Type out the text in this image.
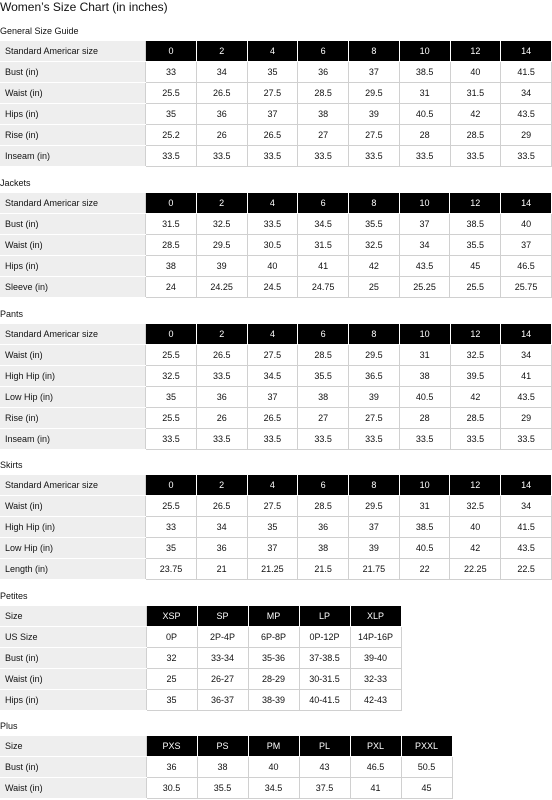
Women’s Size Chart (in inches)
General Size Guide
Standard Americar size	0	2	4	6	8	10	12	14
Bust (in)	33	34	35	36	37	38.5	40	41.5
Waist (in)	25.5	26.5	27.5	28.5	29.5	31	31.5	34
Hips (in)	35	36	37	38	39	40.5	42	43.5
Rise (in)	25.2	26	26.5	27	27.5	28	28.5	29
Inseam (in)	33.5	33.5	33.5	33.5	33.5	33.5	33.5	33.5
Jackets
Standard Americar size	0	2	4	6	8	10	12	14
Bust (in)	31.5	32.5	33.5	34.5	35.5	37	38.5	40
Waist (in)	28.5	29.5	30.5	31.5	32.5	34	35.5	37
Hips (in)	38	39	40	41	42	43.5	45	46.5
Sleeve (in)	24	24.25	24.5	24.75	25	25.25	25.5	25.75
Pants
Standard Americar size	0	2	4	6	8	10	12	14
Waist (in)	25.5	26.5	27.5	28.5	29.5	31	32.5	34
High Hip (in)	32.5	33.5	34.5	35.5	36.5	38	39.5	41
Low Hip (in)	35	36	37	38	39	40.5	42	43.5
Rise (in)	25.5	26	26.5	27	27.5	28	28.5	29
Inseam (in)	33.5	33.5	33.5	33.5	33.5	33.5	33.5	33.5
Skirts
Standard Americar size	0	2	4	6	8	10	12	14
Waist (in)	25.5	26.5	27.5	28.5	29.5	31	32.5	34
High Hip (in)	33	34	35	36	37	38.5	40	41.5
Low Hip (in)	35	36	37	38	39	40.5	42	43.5
Length (in)	23.75	21	21.25	21.5	21.75	22	22.25	22.5
Petites
Size	XSP	SP	MP	LP	XLP
US Size	0P	2P-4P	6P-8P	0P-12P	14P-16P
Bust (in)	32	33-34	35-36	37-38.5	39-40
Waist (in)	25	26-27	28-29	30-31.5	32-33
Hips (in)	35	36-37	38-39	40-41.5	42-43
Plus
Size	PXS	PS	PM	PL	PXL	PXXL
Bust (in)	36	38	40	43	46.5	50.5
Waist (in)	30.5	35.5	34.5	37.5	41	45
